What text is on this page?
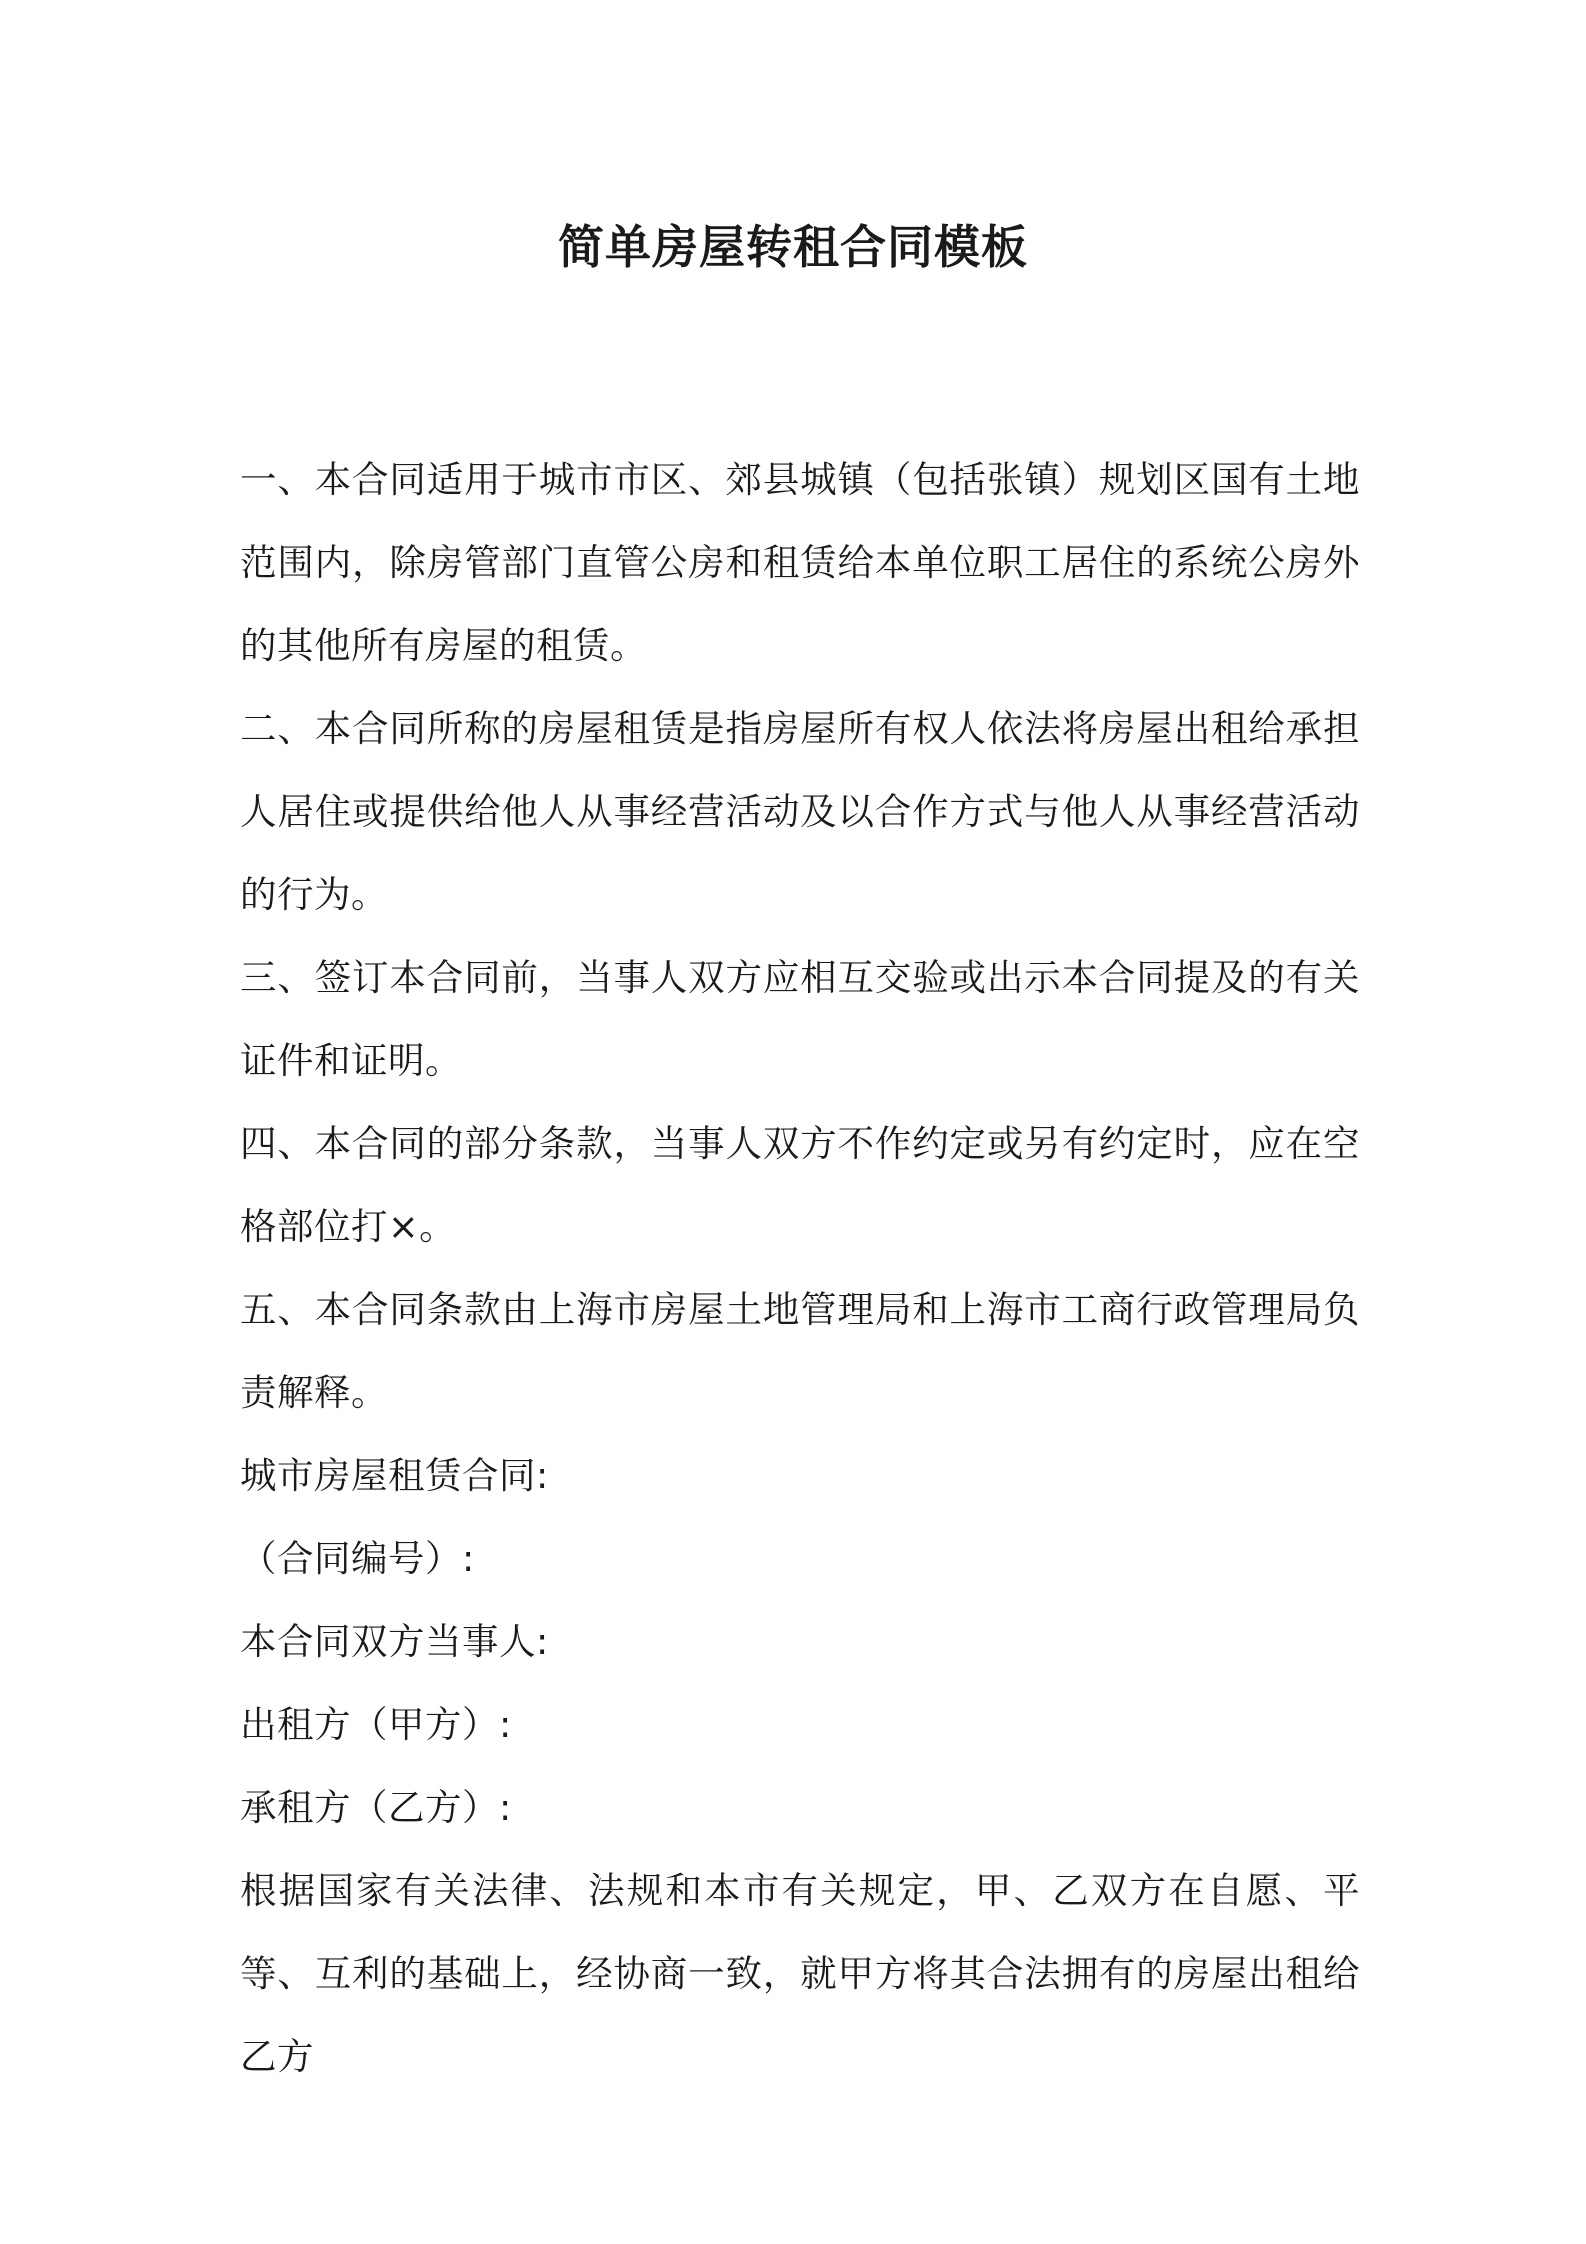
简单房屋转租合同模板

一、本合同适用于城市市区、郊县城镇（包括张镇）规划区国有土地范围内，除房管部门直管公房和租赁给本单位职工居住的系统公房外的其他所有房屋的租赁。

二、本合同所称的房屋租赁是指房屋所有权人依法将房屋出租给承担人居住或提供给他人从事经营活动及以合作方式与他人从事经营活动的行为。

三、签订本合同前，当事人双方应相互交验或出示本合同提及的有关证件和证明。

四、本合同的部分条款，当事人双方不作约定或另有约定时，应在空格部位打×。

五、本合同条款由上海市房屋土地管理局和上海市工商行政管理局负责解释。

城市房屋租赁合同:

（合同编号）:

本合同双方当事人:

出租方（甲方）:

承租方（乙方）:

根据国家有关法律、法规和本市有关规定，甲、乙双方在自愿、平等、互利的基础上，经协商一致，就甲方将其合法拥有的房屋出租给乙方
